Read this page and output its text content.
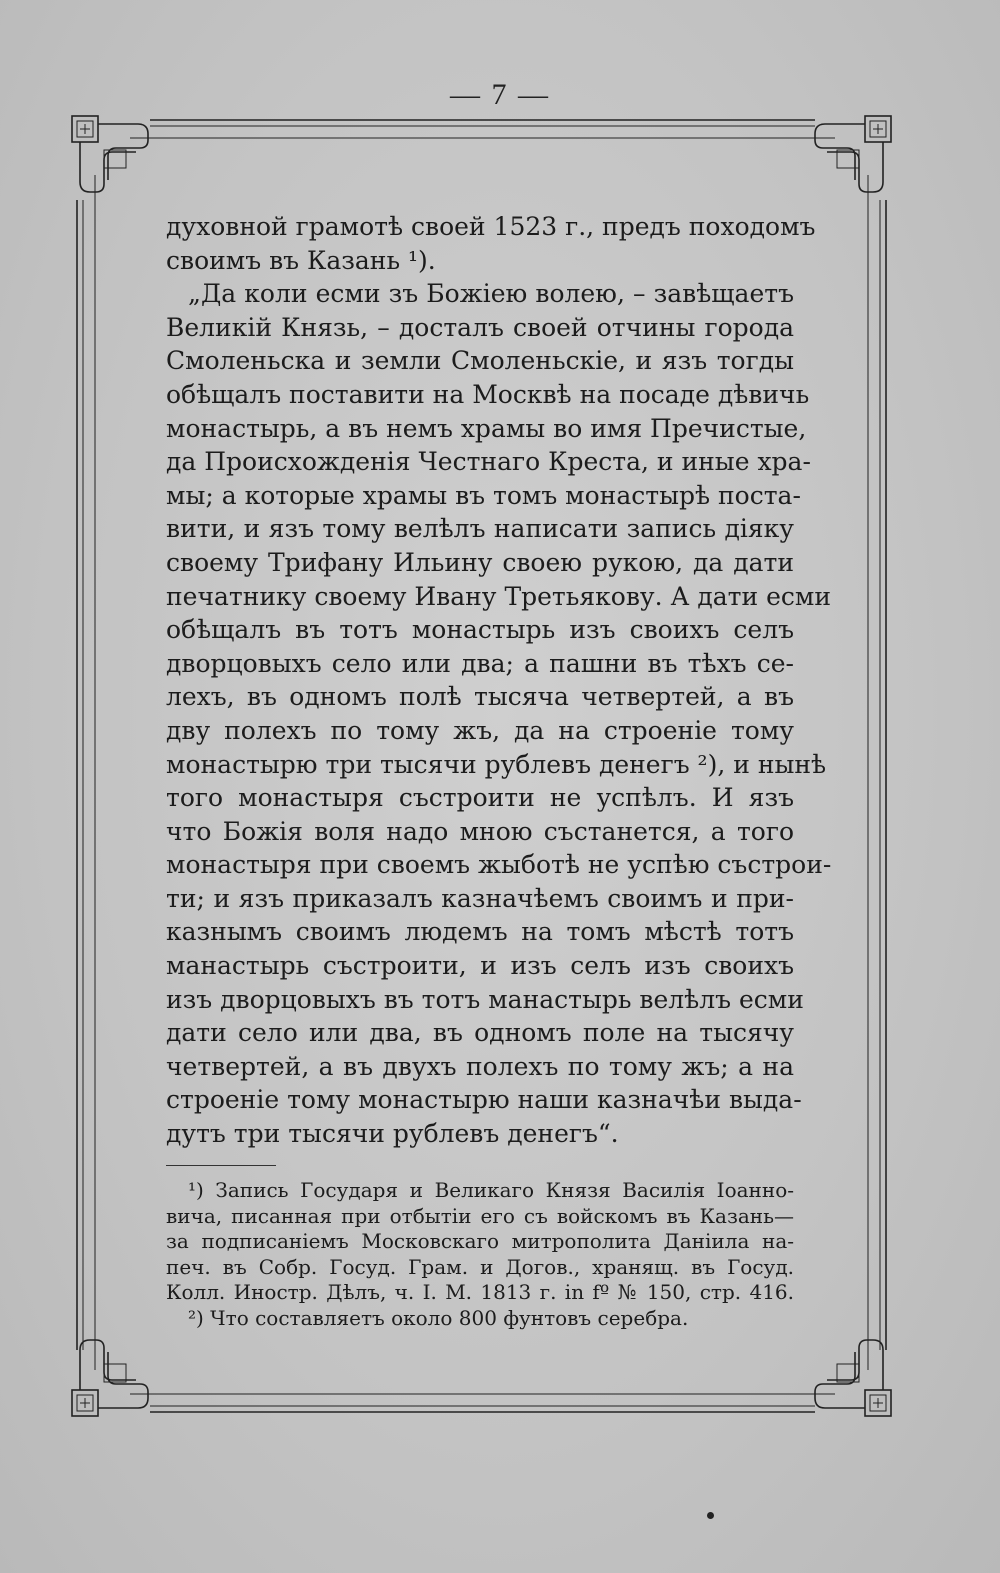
— 7 —
духовной грамотѣ своей 1523 г., предъ походомъ
своимъ въ Казань ¹).
„Да коли есми зъ Божіею волею, – завѣщаетъ
Великій Князь, – досталъ своей отчины города
Смоленьска и земли Смоленьскіе, и язъ тогды
обѣщалъ поставити на Москвѣ на посаде дѣвичь
монастырь, а въ немъ храмы во имя Пречистые,
да Происхожденія Честнаго Креста, и иные хра-
мы; а которые храмы въ томъ монастырѣ поста-
вити, и язъ тому велѣлъ написати запись діяку
своему Трифану Ильину своею рукою, да дати
печатнику своему Ивану Третьякову. А дати есми
обѣщалъ въ тотъ монастырь изъ своихъ селъ
дворцовыхъ село или два; а пашни въ тѣхъ се-
лехъ, въ одномъ полѣ тысяча четвертей, а въ
дву полехъ по тому жъ, да на строеніе тому
монастырю три тысячи рублевъ денегъ ²), и нынѣ
того монастыря състроити не успѣлъ. И язъ
что Божія воля надо мною състанется, а того
монастыря при своемъ жыботѣ не успѣю състрои-
ти; и язъ приказалъ казначѣемъ своимъ и при-
казнымъ своимъ людемъ на томъ мѣстѣ тотъ
манастырь състроити, и изъ селъ изъ своихъ
изъ дворцовыхъ въ тотъ манастырь велѣлъ есми
дати село или два, въ одномъ поле на тысячу
четвертей, а въ двухъ полехъ по тому жъ; а на
строеніе тому монастырю наши казначѣи выда-
дутъ три тысячи рублевъ денегъ“.
¹) Запись Государя и Великаго Князя Василія Іоанно-
вича, писанная при отбытіи его съ войскомъ въ Казань—
за подписаніемъ Московскаго митрополита Даніила на-
печ. въ Собр. Госуд. Грам. и Догов., хранящ. въ Госуд.
Колл. Иностр. Дѣлъ, ч. I. М. 1813 г. in fº № 150, стр. 416.
²) Что составляетъ около 800 фунтовъ серебра.
